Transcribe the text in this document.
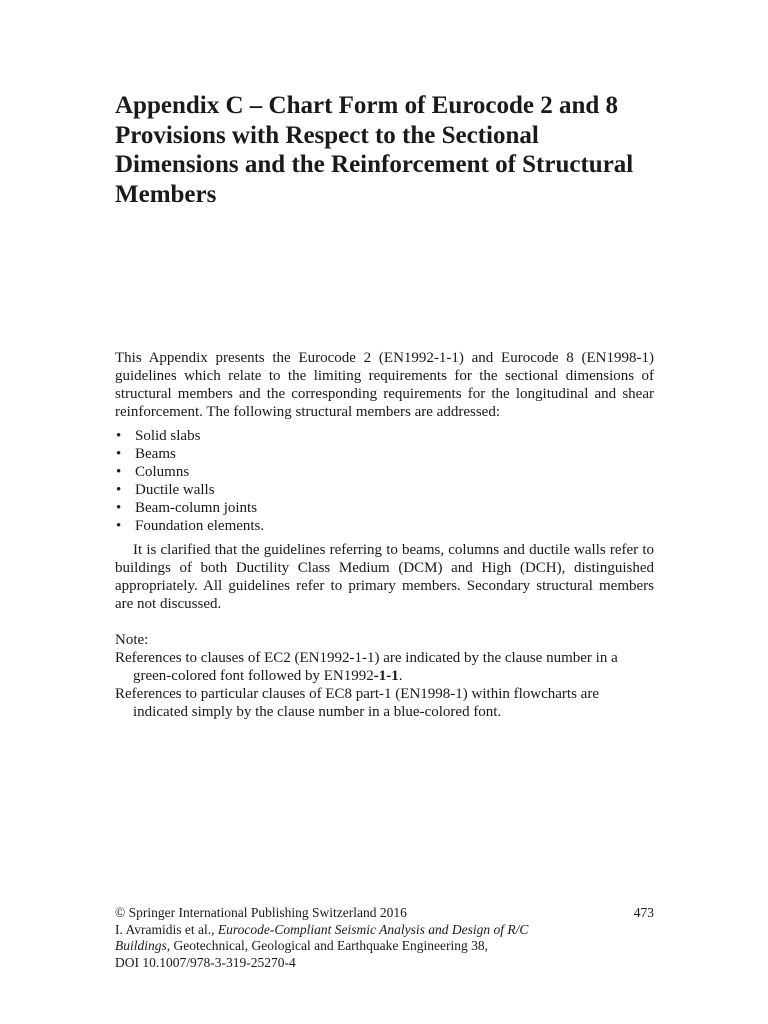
Appendix C – Chart Form of Eurocode 2 and 8
Provisions with Respect to the Sectional
Dimensions and the Reinforcement of Structural
Members

This Appendix presents the Eurocode 2 (EN1992-1-1) and Eurocode 8 (EN1998-1) guidelines which relate to the limiting requirements for the sectional dimensions of structural members and the corresponding requirements for the longitudinal and shear reinforcement. The following structural members are addressed:

• Solid slabs
• Beams
• Columns
• Ductile walls
• Beam-column joints
• Foundation elements.

It is clarified that the guidelines referring to beams, columns and ductile walls refer to buildings of both Ductility Class Medium (DCM) and High (DCH), distinguished appropriately. All guidelines refer to primary members. Secondary structural members are not discussed.

Note:

References to clauses of EC2 (EN1992-1-1) are indicated by the clause number in a green-colored font followed by EN1992-1-1.

References to particular clauses of EC8 part-1 (EN1998-1) within flowcharts are indicated simply by the clause number in a blue-colored font.

© Springer International Publishing Switzerland 2016	473

I. Avramidis et al., Eurocode-Compliant Seismic Analysis and Design of R/C
Buildings, Geotechnical, Geological and Earthquake Engineering 38,

DOI 10.1007/978-3-319-25270-4
